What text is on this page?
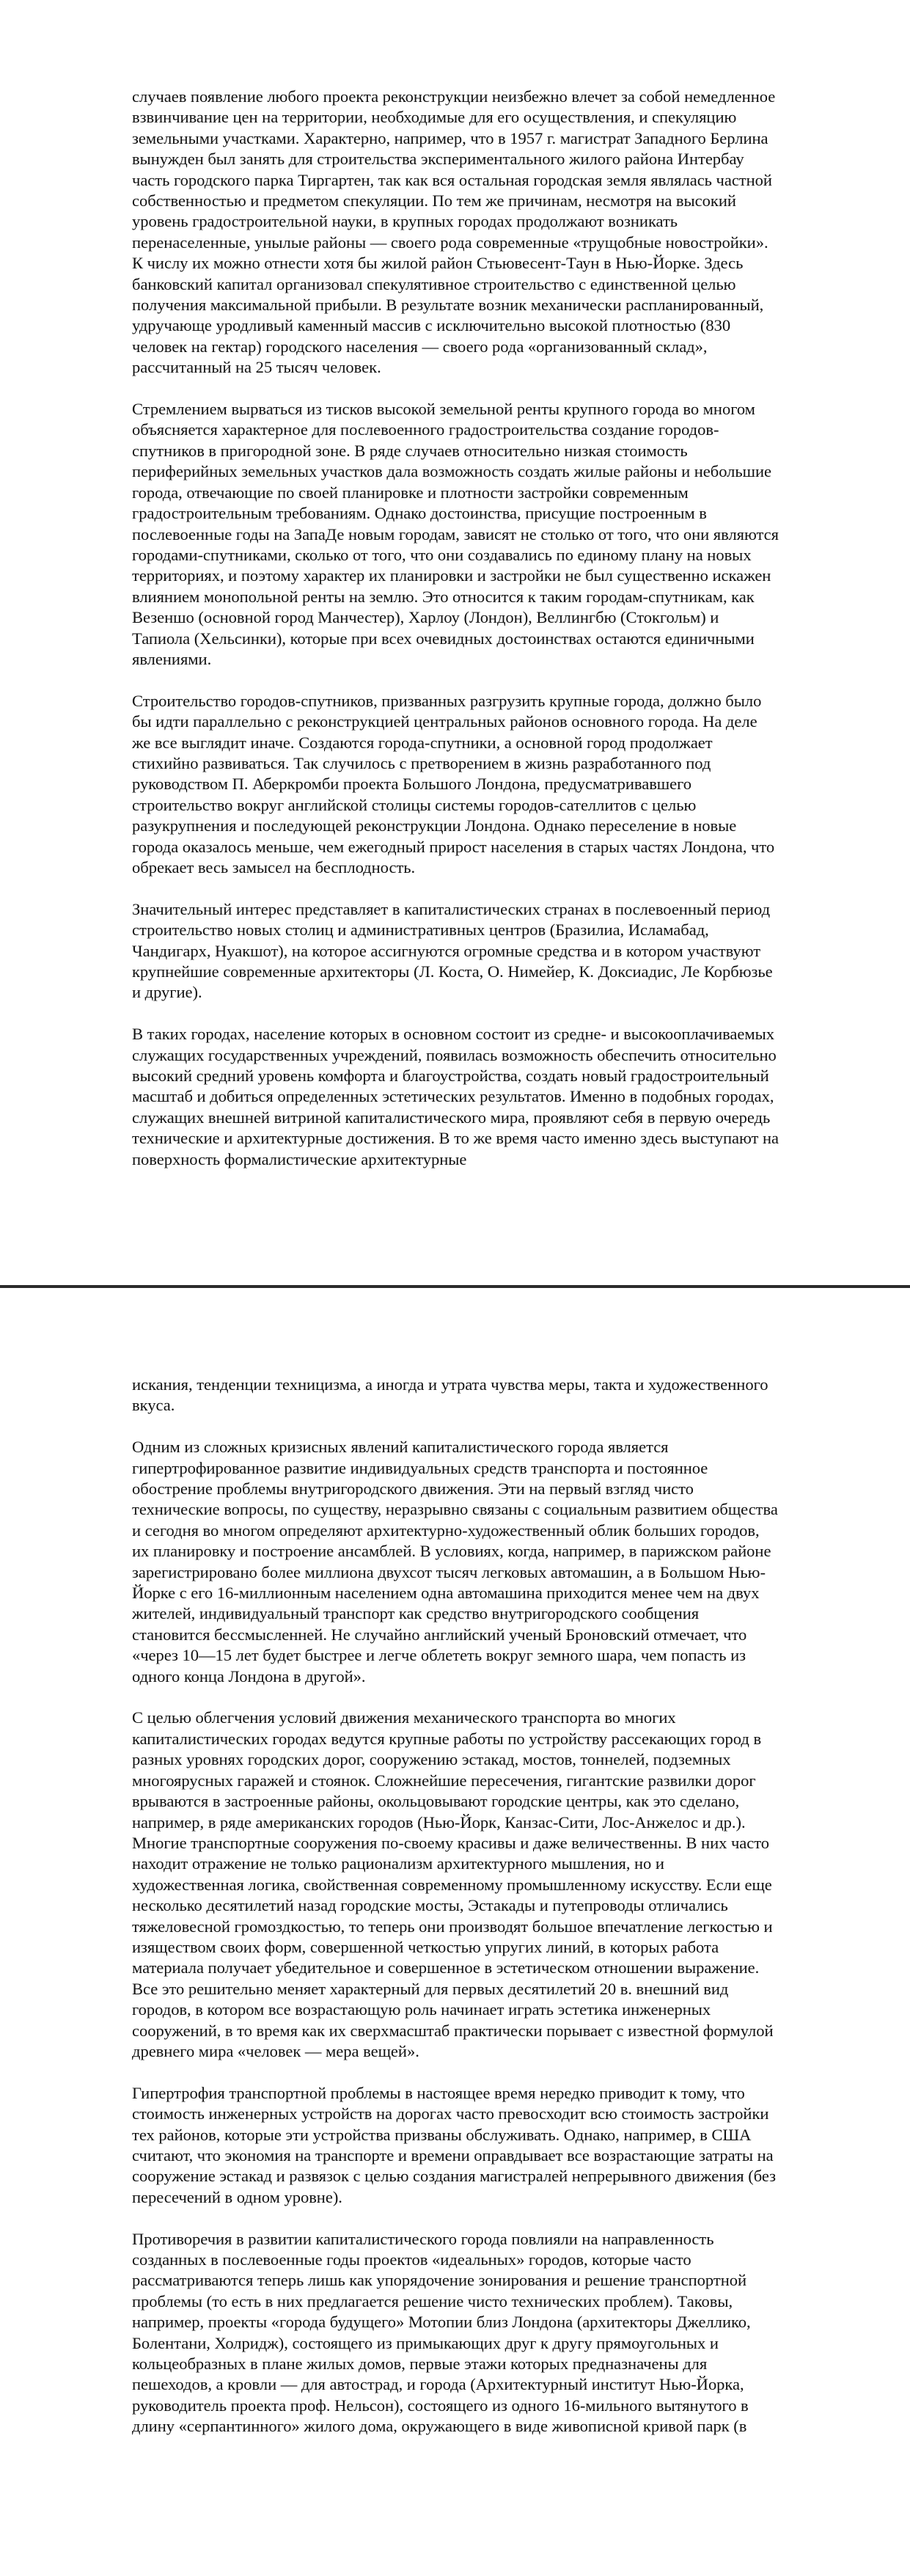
случаев появление любого проекта реконструкции неизбежно влечет за собой немедленное взвинчивание цен на территории, необходимые для его осуществления, и спекуляцию земельными участками. Характерно, например, что в 1957 г. магистрат Западного Берлина вынужден был занять для строительства экспериментального жилого района Интербау часть городского парка Тиргартен, так как вся остальная городская земля являлась частной собственностью и предметом спекуляции. По тем же причинам, несмотря на высокий уровень градостроительной науки, в крупных городах продолжают возникать перенаселенные, унылые районы — своего рода современные «трущобные новостройки». К числу их можно отнести хотя бы жилой район Стьювесент-Таун в Нью-Йорке. Здесь банковский капитал организовал спекулятивное строительство с единственной целью получения максимальной прибыли. В результате возник механически распланированный, удручающе уродливый каменный массив с исключительно высокой плотностью (830 человек на гектар) городского населения — своего рода «организованный склад», рассчитанный на 25 тысяч человек.

Стремлением вырваться из тисков высокой земельной ренты крупного города во многом объясняется характерное для послевоенного градостроительства создание городов-спутников в пригородной зоне. В ряде случаев относительно низкая стоимость периферийных земельных участков дала возможность создать жилые районы и небольшие города, отвечающие по своей планировке и плотности застройки современным градостроительным требованиям. Однако достоинства, присущие построенным в послевоенные годы на ЗапаДе новым городам, зависят не столько от того, что они являются городами-спутниками, сколько от того, что они создавались по единому плану на новых территориях, и поэтому характер их планировки и застройки не был существенно искажен влиянием монопольной ренты на землю. Это относится к таким городам-спутникам, как Везеншо (основной город Манчестер), Харлоу (Лондон), Веллингбю (Стокгольм) и Тапиола (Хельсинки), которые при всех очевидных достоинствах остаются единичными явлениями.

Строительство городов-спутников, призванных разгрузить крупные города, должно было бы идти параллельно с реконструкцией центральных районов основного города. На деле же все выглядит иначе. Создаются города-спутники, а основной город продолжает стихийно развиваться. Так случилось с претворением в жизнь разработанного под руководством П. Аберкромби проекта Большого Лондона, предусматривавшего строительство вокруг английской столицы системы городов-сателлитов с целью разукрупнения и последующей реконструкции Лондона. Однако переселение в новые города оказалось меньше, чем ежегодный прирост населения в старых частях Лондона, что обрекает весь замысел на бесплодность.

Значительный интерес представляет в капиталистических странах в послевоенный период строительство новых столиц и административных центров (Бразилиа, Исламабад, Чандигарх, Нуакшот), на которое ассигнуются огромные средства и в котором участвуют крупнейшие современные архитекторы (Л. Коста, О. Нимейер, К. Доксиадис, Ле Корбюзье и другие).

В таких городах, население которых в основном состоит из средне- и высокооплачиваемых служащих государственных учреждений, появилась возможность обеспечить относительно высокий средний уровень комфорта и благоустройства, создать новый градостроительный масштаб и добиться определенных эстетических результатов. Именно в подобных городах, служащих внешней витриной капиталистического мира, проявляют себя в первую очередь технические и архитектурные достижения. В то же время часто именно здесь выступают на поверхность формалистические архитектурные

искания, тенденции техницизма, а иногда и утрата чувства меры, такта и художественного вкуса.

Одним из сложных кризисных явлений капиталистического города является гипертрофированное развитие индивидуальных средств транспорта и постоянное обострение проблемы внутригородского движения. Эти на первый взгляд чисто технические вопросы, по существу, неразрывно связаны с социальным развитием общества и сегодня во многом определяют архитектурно-художественный облик больших городов, их планировку и построение ансамблей. В условиях, когда, например, в парижском районе зарегистрировано более миллиона двухсот тысяч легковых автомашин, а в Большом Нью-Йорке с его 16-миллионным населением одна автомашина приходится менее чем на двух жителей, индивидуальный транспорт как средство внутригородского сообщения становится бессмысленней. Не случайно английский ученый Броновский отмечает, что «через 10—15 лет будет быстрее и легче облететь вокруг земного шара, чем попасть из одного конца Лондона в другой».

С целью облегчения условий движения механического транспорта во многих капиталистических городах ведутся крупные работы по устройству рассекающих город в разных уровнях городских дорог, сооружению эстакад, мостов, тоннелей, подземных многоярусных гаражей и стоянок. Сложнейшие пересечения, гигантские развилки дорог врываются в застроенные районы, окольцовывают городские центры, как это сделано, например, в ряде американских городов (Нью-Йорк, Канзас-Сити, Лос-Анжелос и др.). Многие транспортные сооружения по-своему красивы и даже величественны. В них часто находит отражение не только рационализм архитектурного мышления, но и художественная логика, свойственная современному промышленному искусству. Если еще несколько десятилетий назад городские мосты, Эстакады и путепроводы отличались тяжеловесной громоздкостью, то теперь они производят большое впечатление легкостью и изяществом своих форм, совершенной четкостью упругих линий, в которых работа материала получает убедительное и совершенное в эстетическом отношении выражение. Все это решительно меняет характерный для первых десятилетий 20 в. внешний вид городов, в котором все возрастающую роль начинает играть эстетика инженерных сооружений, в то время как их сверхмасштаб практически порывает с известной формулой древнего мира «человек — мера вещей».

Гипертрофия транспортной проблемы в настоящее время нередко приводит к тому, что стоимость инженерных устройств на дорогах часто превосходит всю стоимость застройки тех районов, которые эти устройства призваны обслуживать. Однако, например, в США считают, что экономия на транспорте и времени оправдывает все возрастающие затраты на сооружение эстакад и развязок с целью создания магистралей непрерывного движения (без пересечений в одном уровне).

Противоречия в развитии капиталистического города повлияли на направленность созданных в послевоенные годы проектов «идеальных» городов, которые часто рассматриваются теперь лишь как упорядочение зонирования и решение транспортной проблемы (то есть в них предлагается решение чисто технических проблем). Таковы, например, проекты «города будущего» Мотопии близ Лондона (архитекторы Джеллико, Болентани, Холридж), состоящего из примыкающих друг к другу прямоугольных и кольцеобразных в плане жилых домов, первые этажи которых предназначены для пешеходов, а кровли — для автострад, и города (Архитектурный институт Нью-Йорка, руководитель проекта проф. Нельсон), состоящего из одного 16-мильного вытянутого в длину «серпантинного» жилого дома, окружающего в виде живописной кривой парк (в
